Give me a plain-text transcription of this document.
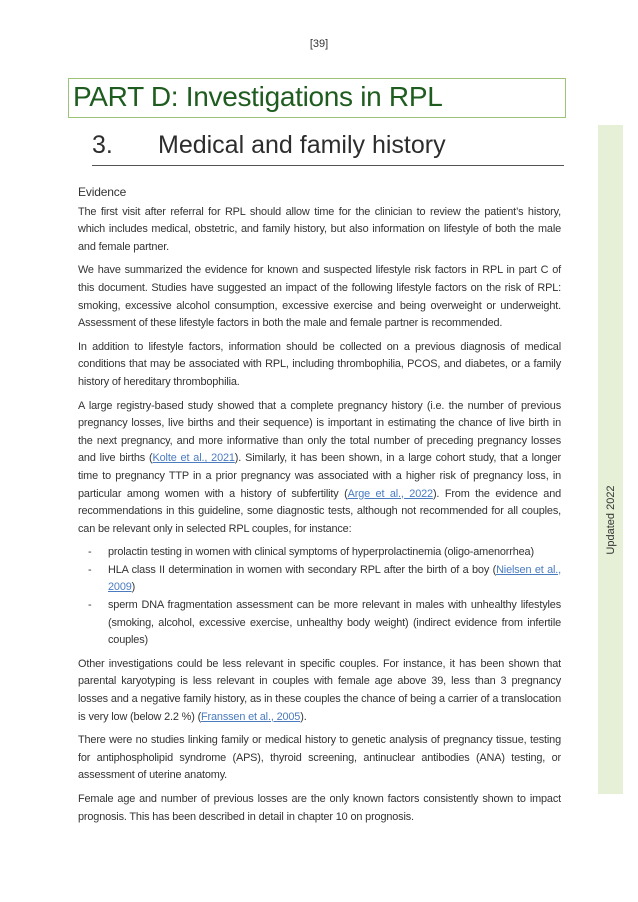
[39]
PART D: Investigations in RPL
3. Medical and family history
Updated 2022
Evidence

The first visit after referral for RPL should allow time for the clinician to review the patient’s history, which includes medical, obstetric, and family history, but also information on lifestyle of both the male and female partner.

We have summarized the evidence for known and suspected lifestyle risk factors in RPL in part C of this document. Studies have suggested an impact of the following lifestyle factors on the risk of RPL: smoking, excessive alcohol consumption, excessive exercise and being overweight or underweight. Assessment of these lifestyle factors in both the male and female partner is recommended.

In addition to lifestyle factors, information should be collected on a previous diagnosis of medical conditions that may be associated with RPL, including thrombophilia, PCOS, and diabetes, or a family history of hereditary thrombophilia.

A large registry-based study showed that a complete pregnancy history (i.e. the number of previous pregnancy losses, live births and their sequence) is important in estimating the chance of live birth in the next pregnancy, and more informative than only the total number of preceding pregnancy losses and live births (Kolte et al., 2021). Similarly, it has been shown, in a large cohort study, that a longer time to pregnancy TTP in a prior pregnancy was associated with a higher risk of pregnancy loss, in particular among women with a history of subfertility (Arge et al., 2022). From the evidence and recommendations in this guideline, some diagnostic tests, although not recommended for all couples, can be relevant only in selected RPL couples, for instance:

- prolactin testing in women with clinical symptoms of hyperprolactinemia (oligo-amenorrhea)
- HLA class II determination in women with secondary RPL after the birth of a boy (Nielsen et al., 2009)
- sperm DNA fragmentation assessment can be more relevant in males with unhealthy lifestyles (smoking, alcohol, excessive exercise, unhealthy body weight) (indirect evidence from infertile couples)

Other investigations could be less relevant in specific couples. For instance, it has been shown that parental karyotyping is less relevant in couples with female age above 39, less than 3 pregnancy losses and a negative family history, as in these couples the chance of being a carrier of a translocation is very low (below 2.2 %) (Franssen et al., 2005).

There were no studies linking family or medical history to genetic analysis of pregnancy tissue, testing for antiphospholipid syndrome (APS), thyroid screening, antinuclear antibodies (ANA) testing, or assessment of uterine anatomy.

Female age and number of previous losses are the only known factors consistently shown to impact prognosis. This has been described in detail in chapter 10 on prognosis.
